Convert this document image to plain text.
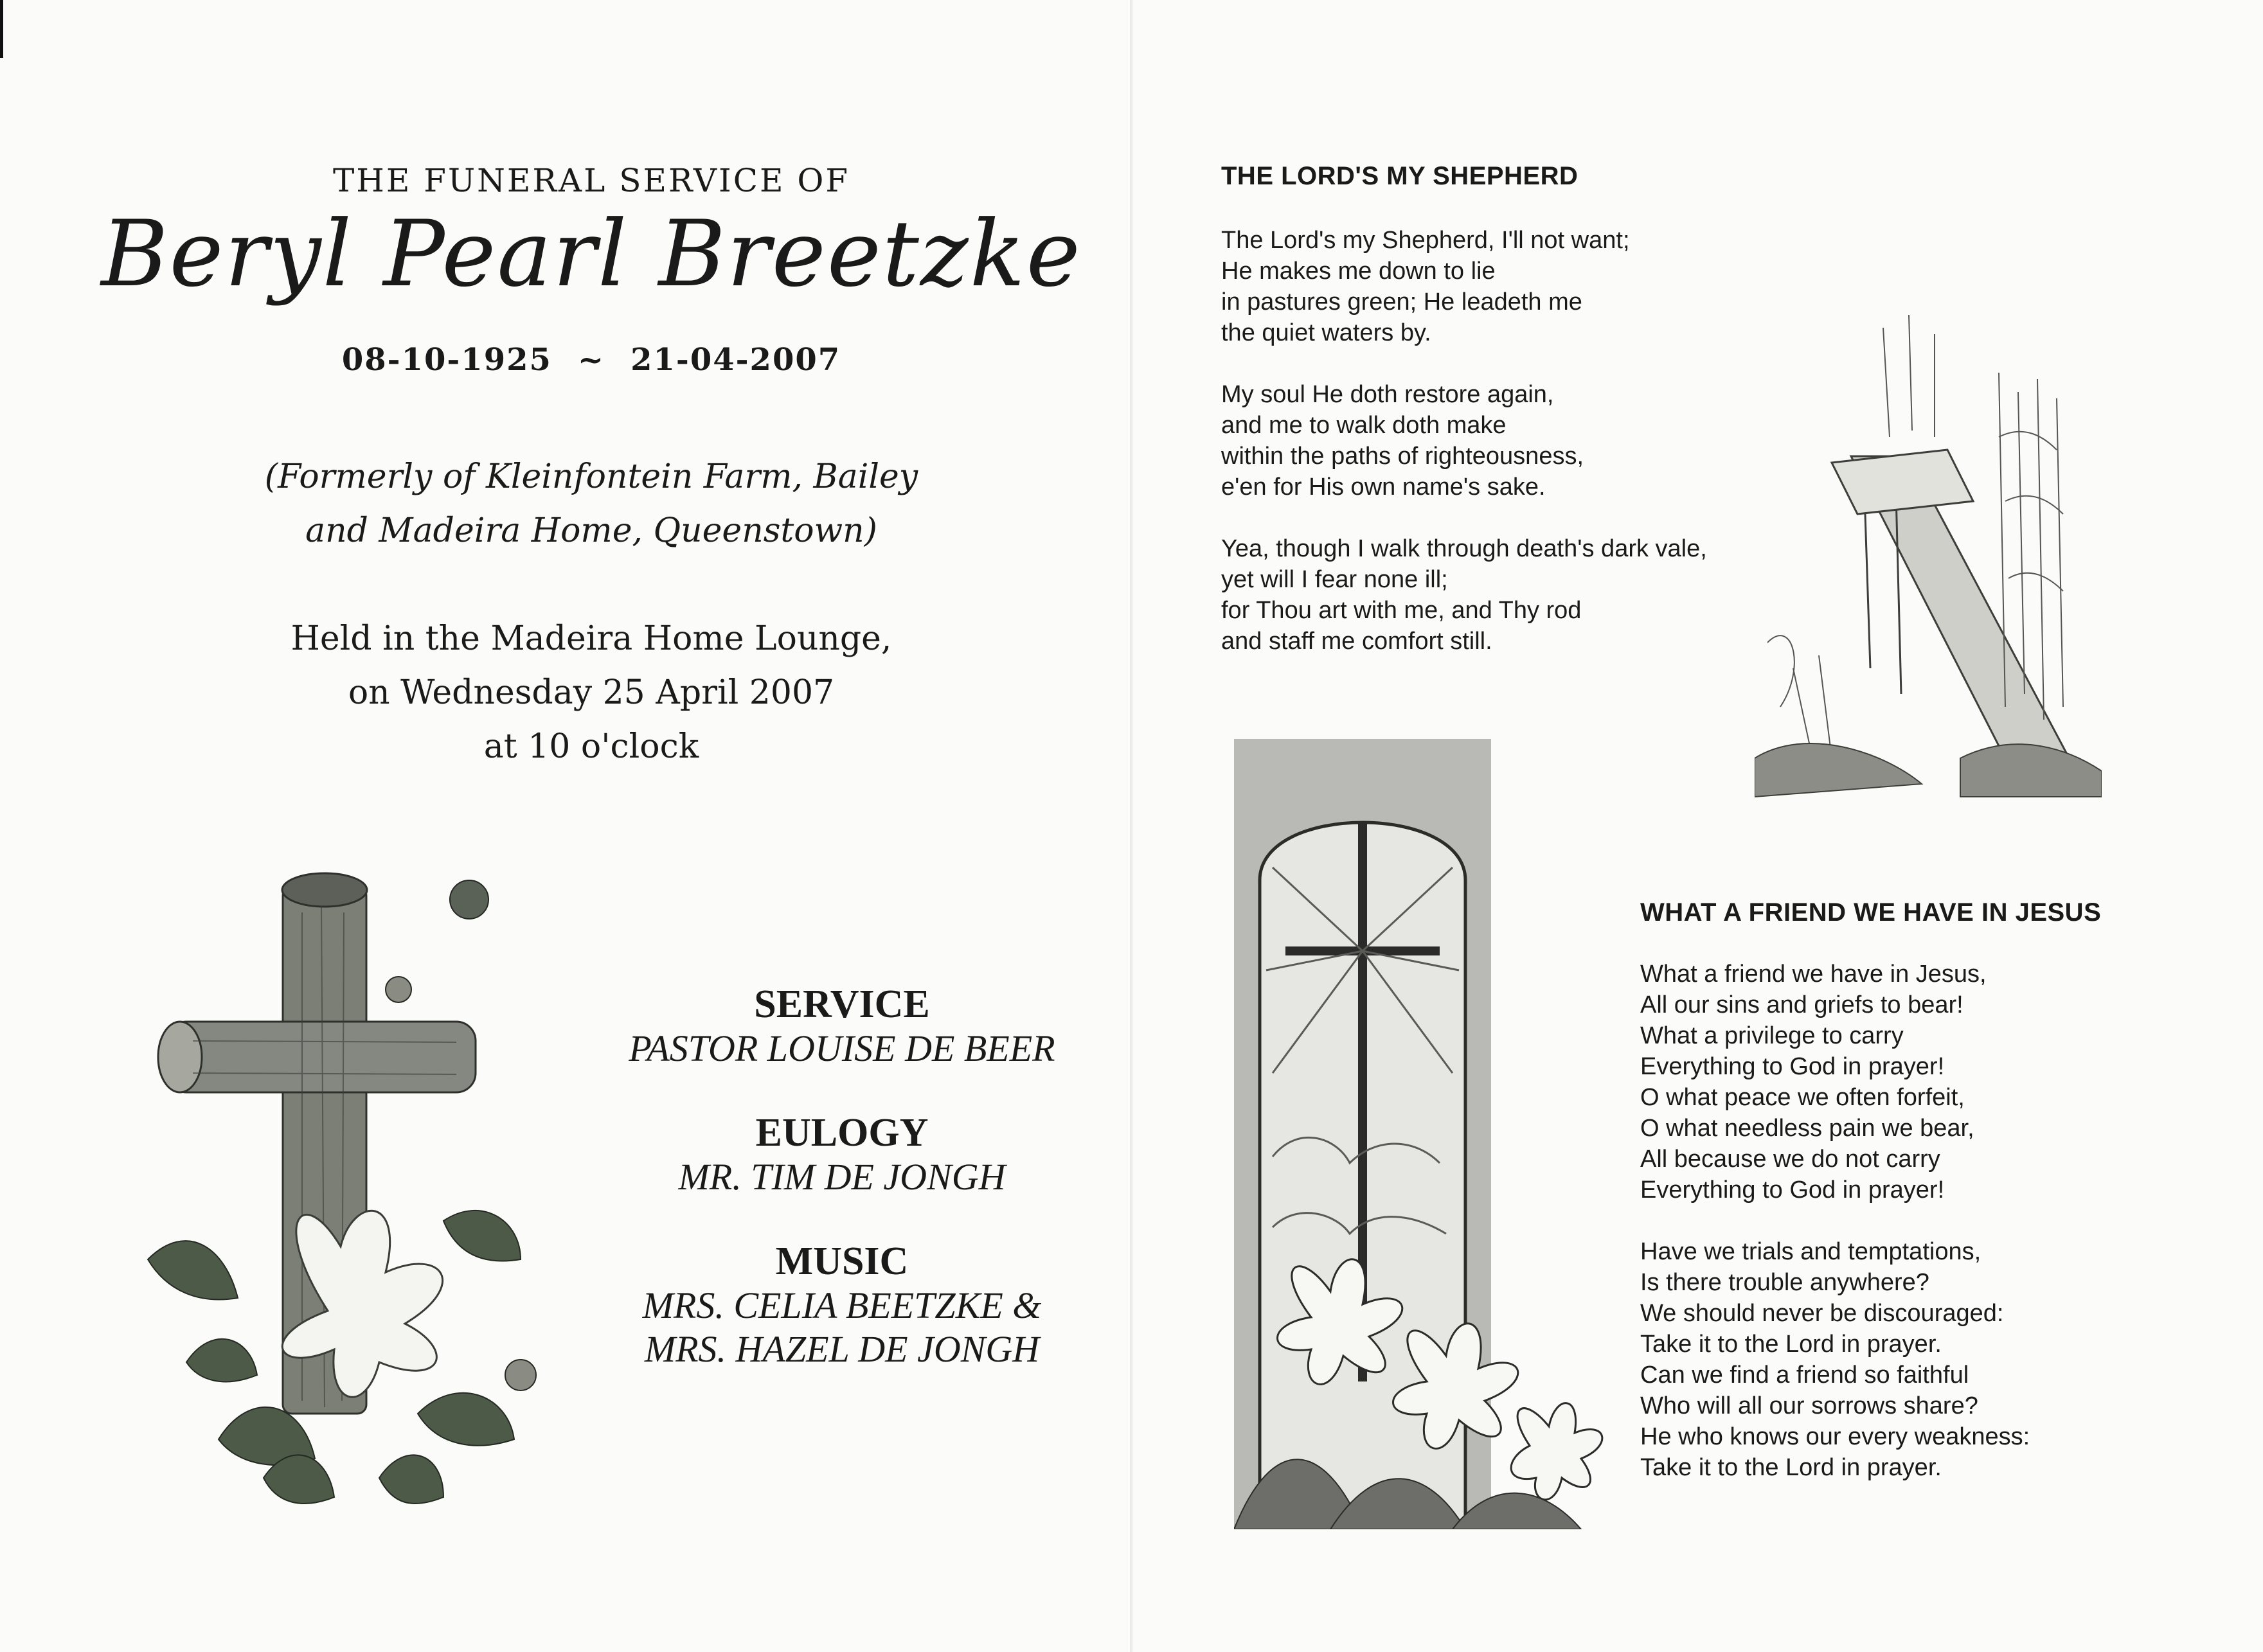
THE FUNERAL SERVICE OF
Beryl Pearl Breetzke
08-10-1925 ~ 21-04-2007
(Formerly of Kleinfontein Farm, Bailey
and Madeira Home, Queenstown)
Held in the Madeira Home Lounge,
on Wednesday 25 April 2007
at 10 o'clock
SERVICE
PASTOR LOUISE DE BEER
EULOGY
MR. TIM DE JONGH
MUSIC
MRS. CELIA BEETZKE &
MRS. HAZEL DE JONGH
THE LORD'S MY SHEPHERD
The Lord's my Shepherd, I'll not want;
He makes me down to lie
in pastures green; He leadeth me
the quiet waters by.
My soul He doth restore again,
and me to walk doth make
within the paths of righteousness,
e'en for His own name's sake.
Yea, though I walk through death's dark vale,
yet will I fear none ill;
for Thou art with me, and Thy rod
and staff me comfort still.
WHAT A FRIEND WE HAVE IN JESUS
What a friend we have in Jesus,
All our sins and griefs to bear!
What a privilege to carry
Everything to God in prayer!
O what peace we often forfeit,
O what needless pain we bear,
All because we do not carry
Everything to God in prayer!
Have we trials and temptations,
Is there trouble anywhere?
We should never be discouraged:
Take it to the Lord in prayer.
Can we find a friend so faithful
Who will all our sorrows share?
He who knows our every weakness:
Take it to the Lord in prayer.
